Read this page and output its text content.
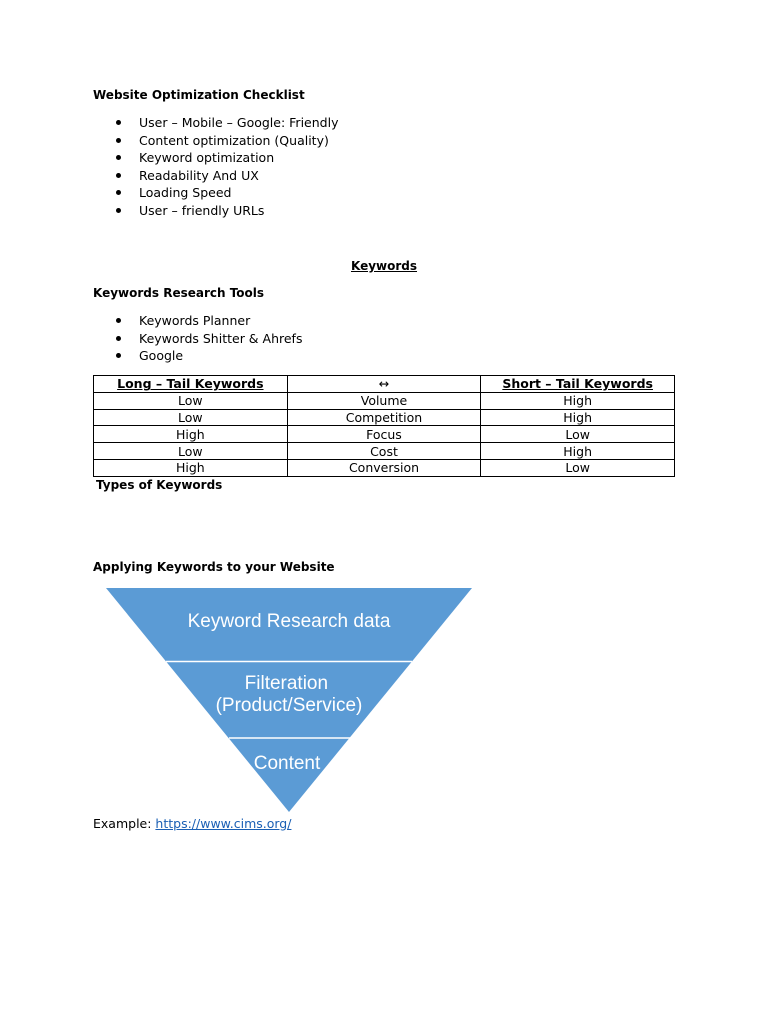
Website Optimization Checklist
User – Mobile – Google: Friendly
Content optimization (Quality)
Keyword optimization
Readability And UX
Loading Speed
User – friendly URLs
Keywords
Keywords Research Tools
Keywords Planner
Keywords Shitter & Ahrefs
Google
Long – Tail Keywords	↔	Short – Tail Keywords
Low	Volume	High
Low	Competition	High
High	Focus	Low
Low	Cost	High
High	Conversion	Low
Types of Keywords
Applying Keywords to your Website
Keyword Research data
Filteration (Product/Service)
Content
Example: https://www.cims.org/
